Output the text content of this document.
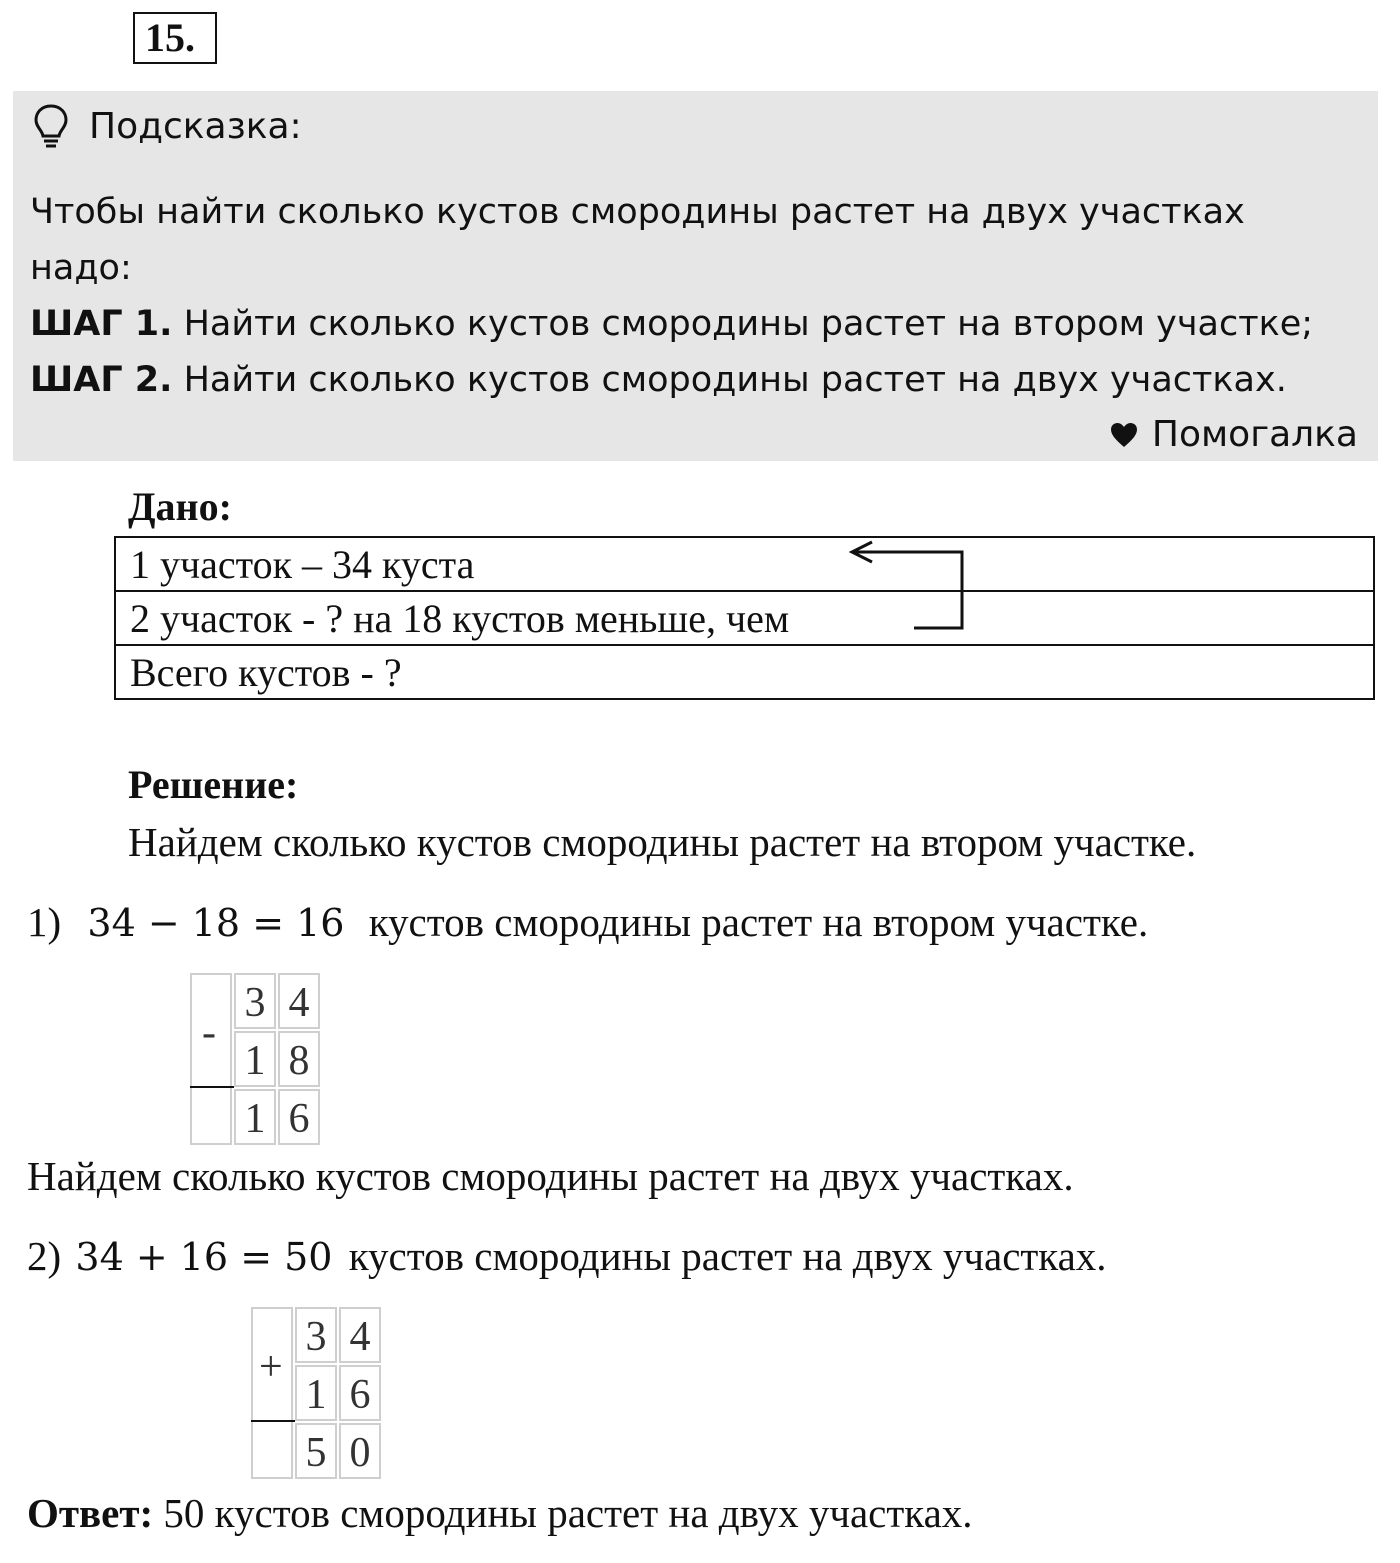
15.
Подсказка:
Чтобы найти сколько кустов смородины растет на двух участках
надо:
ШАГ 1. Найти сколько кустов смородины растет на втором участке;
ШАГ 2. Найти сколько кустов смородины растет на двух участках.
Помогалка
Дано:
1 участок – 34 куста
2 участок - ? на 18 кустов меньше, чем
Всего кустов - ?
Решение:
Найдем сколько кустов смородины растет на втором участке.
1) 34 − 18 = 16 кустов смородины растет на втором участке.
-
3 4
1 8
1 6
Найдем сколько кустов смородины растет на двух участках.
2) 34 + 16 = 50 кустов смородины растет на двух участках.
+
3 4
1 6
5 0
Ответ: 50 кустов смородины растет на двух участках.
